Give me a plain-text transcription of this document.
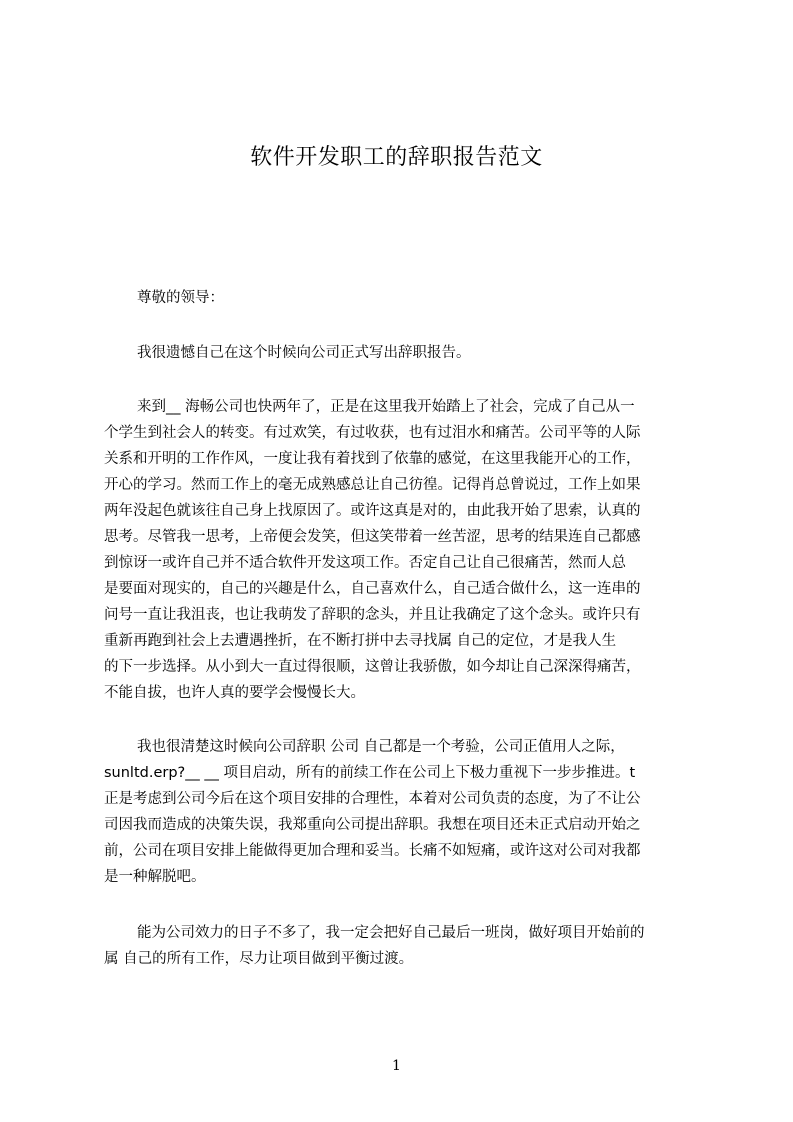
软件开发职工的辞职报告范文
尊敬的领导：
我很遗憾自己在这个时候向公司正式写出辞职报告。
来到__ 海畅公司也快两年了，正是在这里我开始踏上了社会，完成了自己从一
个学生到社会人的转变。有过欢笑，有过收获，也有过泪水和痛苦。公司平等的人际
关系和开明的工作作风，一度让我有着找到了依靠的感觉，在这里我能开心的工作，
开心的学习。然而工作上的毫无成熟感总让自己彷徨。记得肖总曾说过，工作上如果
两年没起色就该往自己身上找原因了。或许这真是对的，由此我开始了思索，认真的
思考。尽管我一思考，上帝便会发笑，但这笑带着一丝苦涩，思考的结果连自己都感
到惊讶一或许自己并不适合软件开发这项工作。否定自己让自己很痛苦，然而人总
是要面对现实的，自己的兴趣是什么，自己喜欢什么，自己适合做什么，这一连串的
问号一直让我沮丧，也让我萌发了辞职的念头，并且让我确定了这个念头。或许只有
重新再跑到社会上去遭遇挫折，在不断打拼中去寻找属 自己的定位，才是我人生
的下一步选择。从小到大一直过得很顺，这曾让我骄傲，如今却让自己深深得痛苦，
不能自拔，也许人真的要学会慢慢长大。
我也很清楚这时候向公司辞职 公司 自己都是一个考验，公司正值用人之际，
sunltd.erp?__ __ 项目启动，所有的前续工作在公司上下极力重视下一步步推进。t
正是考虑到公司今后在这个项目安排的合理性，本着对公司负责的态度，为了不让公
司因我而造成的决策失误，我郑重向公司提出辞职。我想在项目还未正式启动开始之
前，公司在项目安排上能做得更加合理和妥当。长痛不如短痛，或许这对公司对我都
是一种解脱吧。
能为公司效力的日子不多了，我一定会把好自己最后一班岗，做好项目开始前的
属 自己的所有工作，尽力让项目做到平衡过渡。
1
